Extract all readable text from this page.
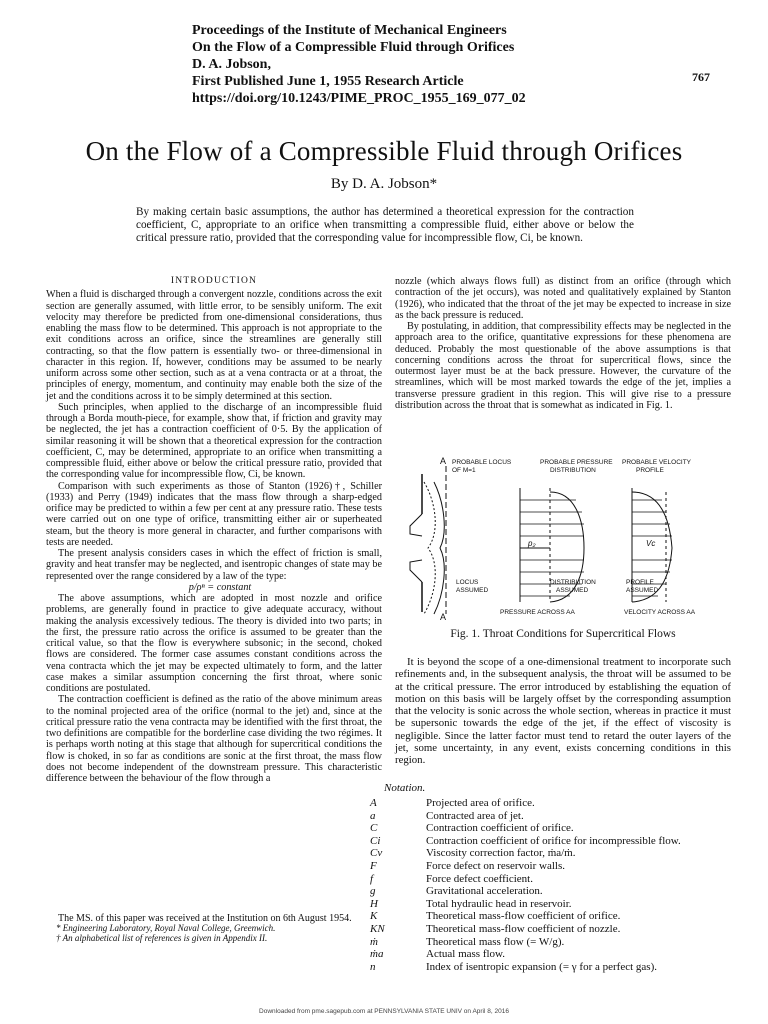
Proceedings of the Institute of Mechanical Engineers
On the Flow of a Compressible Fluid through Orifices
D. A. Jobson,
First Published June 1, 1955 Research Article
https://doi.org/10.1243/PIME_PROC_1955_169_077_02
767
On the Flow of a Compressible Fluid through Orifices
By D. A. Jobson*
By making certain basic assumptions, the author has determined a theoretical expression for the contraction coefficient, C, appropriate to an orifice when transmitting a compressible fluid, either above or below the critical pressure ratio, provided that the corresponding value for incompressible flow, Ci, be known.
INTRODUCTION

When a fluid is discharged through a convergent nozzle, conditions across the exit section are generally assumed, with little error, to be sensibly uniform. The exit velocity may therefore be predicted from one-dimensional considerations, thus enabling the mass flow to be determined. This approach is not appropriate to the exit conditions across an orifice, since the streamlines are generally still contracting, so that the flow pattern is essentially two- or three-dimensional in character in this region. If, however, conditions may be assumed to be nearly uniform across some other section, such as at a vena contracta or at a throat, the principles of energy, momentum, and continuity may enable both the size of the jet and the conditions across it to be simply determined at this section.

Such principles, when applied to the discharge of an incompressible fluid through a Borda mouth-piece, for example, show that, if friction and gravity may be neglected, the jet has a contraction coefficient of 0·5. By the application of similar reasoning it will be shown that a theoretical expression for the contraction coefficient, C, may be determined, appropriate to an orifice when transmitting a compressible fluid, either above or below the critical pressure ratio, provided that the corresponding value for incompressible flow, Ci, be known.

Comparison with such experiments as those of Stanton (1926)†, Schiller (1933) and Perry (1949) indicates that the mass flow through a sharp-edged orifice may be predicted to within a few per cent at any pressure ratio. These tests were carried out on one type of orifice, transmitting either air or superheated steam, but the theory is more general in character, and further comparisons with tests are needed.

The present analysis considers cases in which the effect of friction is small, gravity and heat transfer may be neglected, and isentropic changes of state may be represented over the range considered by a law of the type:

p/ρⁿ = constant

The above assumptions, which are adopted in most nozzle and orifice problems, are generally found in practice to give adequate accuracy, without making the analysis excessively tedious. The theory is divided into two parts; in the first, the pressure ratio across the orifice is assumed to be greater than the critical value, so that the flow is everywhere subsonic; in the second, choked flows are considered. The former case assumes constant conditions across the vena contracta which the jet may be expected ultimately to form, and the latter case makes a similar assumption concerning the first throat, where sonic conditions are postulated.

The contraction coefficient is defined as the ratio of the above minimum areas to the nominal projected area of the orifice (normal to the jet) and, since at the critical pressure ratio the vena contracta may be identified with the first throat, the two definitions are compatible for the borderline case dividing the two régimes. It is perhaps worth noting at this stage that although for supercritical conditions the flow is choked, in so far as conditions are sonic at the first throat, the mass flow does not become independent of the downstream pressure. This characteristic difference between the behaviour of the flow through a

The MS. of this paper was received at the Institution on 6th August 1954.
* Engineering Laboratory, Royal Naval College, Greenwich.
† An alphabetical list of references is given in Appendix II.

nozzle (which always flows full) as distinct from an orifice (through which contraction of the jet occurs), was noted and qualitatively explained by Stanton (1926), who indicated that the throat of the jet may be expected to increase in size as the back pressure is reduced.

By postulating, in addition, that compressibility effects may be neglected in the approach area to the orifice, quantitative expressions for these phenomena are deduced. Probably the most questionable of the above assumptions is that concerning conditions across the throat for supercritical flows, since the outermost layer must be at the back pressure. However, the curvature of the streamlines, which will be most marked towards the edge of the jet, implies a transverse pressure gradient in this region. This will give rise to a pressure distribution across the throat that is somewhat as indicated in Fig. 1.

A
A
PROBABLE LOCUS
OF M=1
PROBABLE PRESSURE
DISTRIBUTION
PROBABLE VELOCITY
PROFILE
p₂	Vc
LOCUS
ASSUMED
DISTRIBUTION
ASSUMED
PROFILE
ASSUMED
PRESSURE ACROSS AA	VELOCITY ACROSS AA
Fig. 1. Throat Conditions for Supercritical Flows

It is beyond the scope of a one-dimensional treatment to incorporate such refinements and, in the subsequent analysis, the throat will be assumed to be at the critical pressure. The error introduced by establishing the equation of motion on this basis will be largely offset by the corresponding assumption that the velocity is sonic across the whole section, whereas in practice it must be supersonic towards the edge of the jet, if the effect of viscosity is negligible. Since the latter factor must tend to retard the outer layers of the jet, some uncertainty, in any event, exists concerning conditions in this region.

Notation.
A	Projected area of orifice.
a	Contracted area of jet.
C	Contraction coefficient of orifice.
Ci	Contraction coefficient of orifice for incompressible flow.
Cv	Viscosity correction factor, ṁa/ṁ.
F	Force defect on reservoir walls.
f	Force defect coefficient.
g	Gravitational acceleration.
H	Total hydraulic head in reservoir.
K	Theoretical mass-flow coefficient of orifice.
KN	Theoretical mass-flow coefficient of nozzle.
ṁ	Theoretical mass flow (= W/g).
ṁa	Actual mass flow.
n	Index of isentropic expansion (= γ for a perfect gas).
Downloaded from pme.sagepub.com at PENNSYLVANIA STATE UNIV on April 8, 2016
